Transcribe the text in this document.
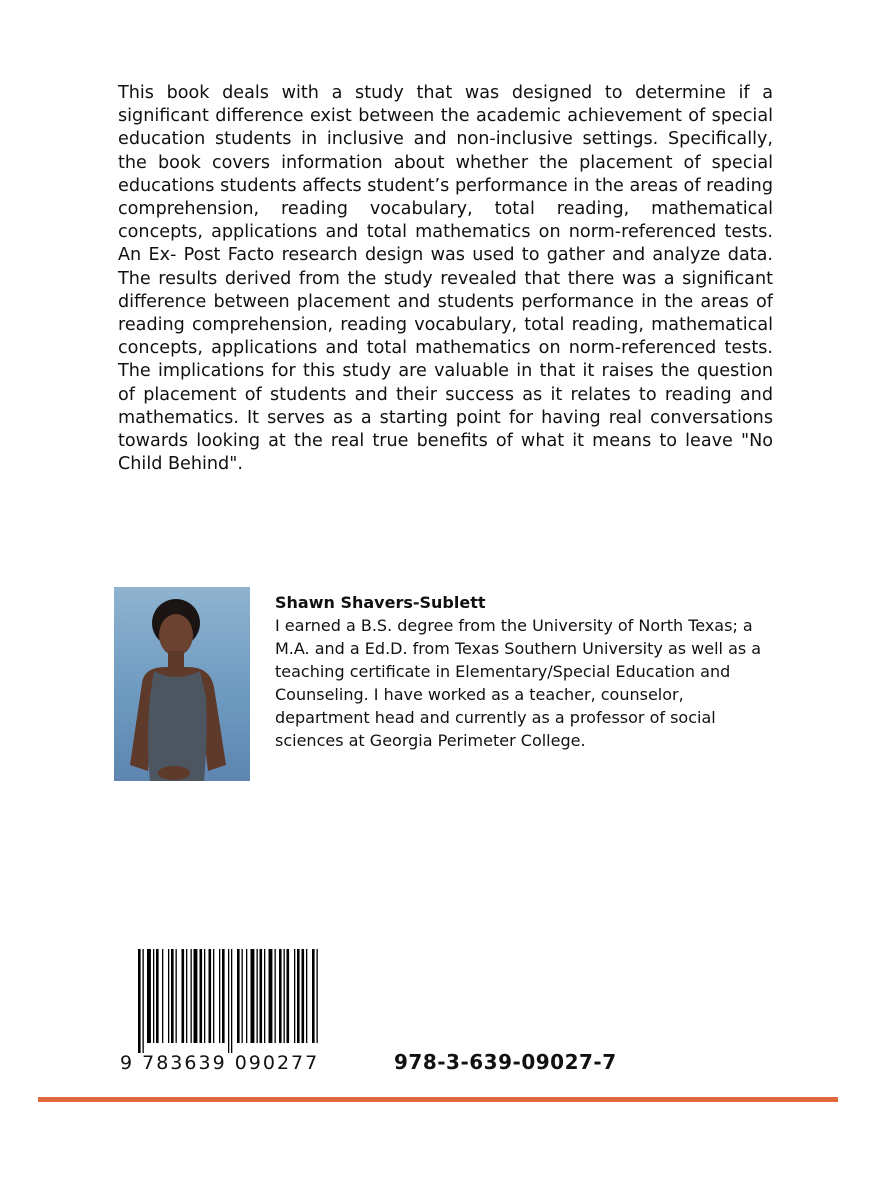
This book deals with a study that was designed to determine if a significant difference exist between the academic achievement of special education students in inclusive and non-inclusive settings. Specifically, the book covers information about whether the placement of special educations students affects student’s performance in the areas of reading comprehension, reading vocabulary, total reading, mathematical concepts, applications and total mathematics on norm-referenced tests. An Ex- Post Facto research design was used to gather and analyze data. The results derived from the study revealed that there was a significant difference between placement and students performance in the areas of reading comprehension, reading vocabulary, total reading, mathematical concepts, applications and total mathematics on norm-referenced tests. The implications for this study are valuable in that it raises the question of placement of students and their success as it relates to reading and mathematics. It serves as a starting point for having real conversations towards looking at the real true benefits of what it means to leave "No Child Behind".

Shawn Shavers-Sublett

I earned a B.S. degree from the University of North Texas; a M.A. and a Ed.D. from Texas Southern University as well as a teaching certificate in Elementary/Special Education and Counseling. I have worked as a teacher, counselor, department head and currently as a professor of social sciences at Georgia Perimeter College.

9 783639 090277	978-3-639-09027-7
